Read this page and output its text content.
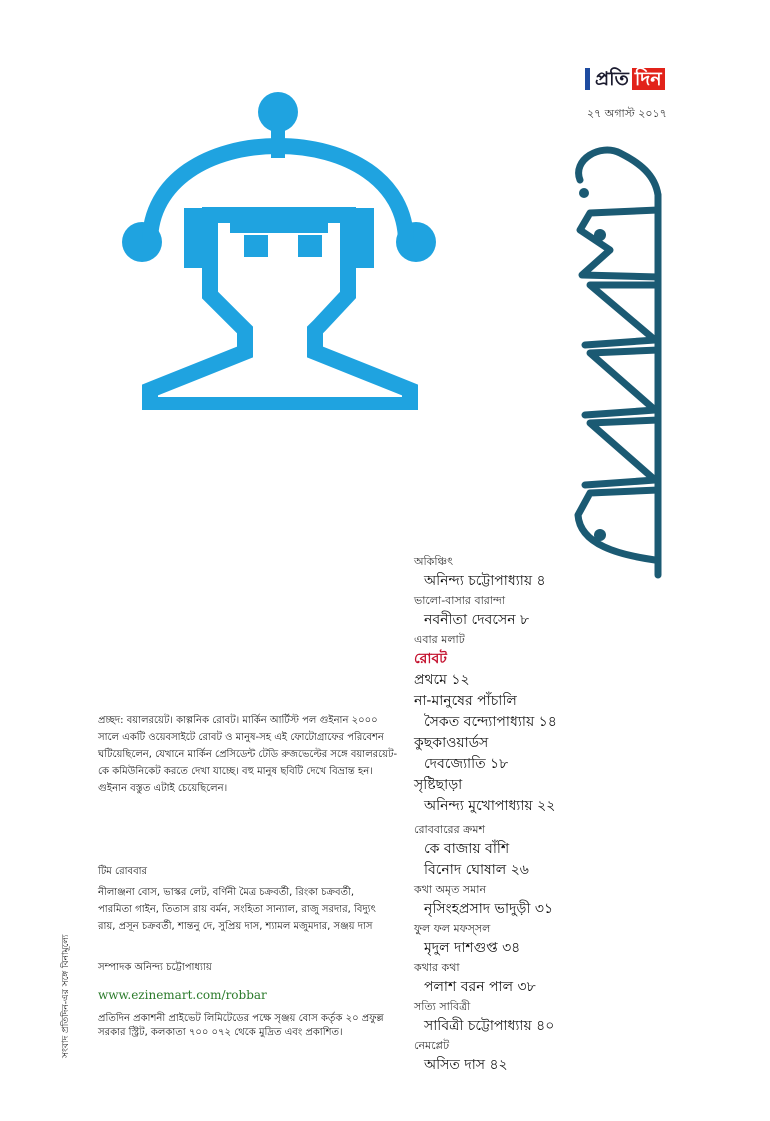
প্রতি দিন
২৭ অগাস্ট ২০১৭
অকিঞ্চিৎ
অনিন্দ্য চট্টোপাধ্যায় ৪
ভালো-বাসার বারান্দা
নবনীতা দেবসেন ৮
এবার মলাট
রোবট
প্রথমে ১২
না-মানুষের পাঁচালি
সৈকত বন্দ্যোপাধ্যায় ১৪
কুছকাওয়ার্ডস
দেবজ্যোতি ১৮
সৃষ্টিছাড়া
অনিন্দ্য মুখোপাধ্যায় ২২
রোববারের ক্রমশ
কে বাজায় বাঁশি
বিনোদ ঘোষাল ২৬
কথা অমৃত সমান
নৃসিংহপ্রসাদ ভাদুড়ী ৩১
ফুল ফল মফস্সল
মৃদুল দাশগুপ্ত ৩৪
কথার কথা
পলাশ বরন পাল ৩৮
সত্যি সাবিত্রী
সাবিত্রী চট্টোপাধ্যায় ৪০
নেমপ্লেট
অসিত দাস ৪২
প্রচ্ছদ: বয়ালরয়েট। কাল্পনিক রোবট। মার্কিন আর্টিস্ট পল গুইনান ২০০০ সালে একটি ওয়েবসাইটে রোবট ও মানুষ-সহ এই ফোটোগ্রাফের পরিবেশন ঘটিয়েছিলেন, যেখানে মার্কিন প্রেসিডেন্ট টেডি রুজভেল্টের সঙ্গে বয়ালরয়েট-কে কমিউনিকেট করতে দেখা যাচ্ছে। বহু মানুষ ছবিটি দেখে বিভ্রান্ত হন। গুইনান বস্তুত এটাই চেয়েছিলেন।
টিম রোববার
নীলাঞ্জনা বোস, ভাস্কর লেট, বর্ণিনী মৈত্র চক্রবর্তী, রিংকা চক্রবর্তী, পারমিতা গাইন, তিতাস রায় বর্মন, সংহিতা সান্যাল, রাজু সরদার, বিদ্যুৎ রায়, প্রসূন চক্রবর্তী, শান্তনু দে, সুপ্রিয় দাস, শ্যামল মজুমদার, সঞ্জয় দাস
সম্পাদক অনিন্দ্য চট্টোপাধ্যায়
www.ezinemart.com/robbar
প্রতিদিন প্রকাশনী প্রাইভেট লিমিটেডের পক্ষে সৃঞ্জয় বোস কর্তৃক ২০ প্রফুল্ল সরকার স্ট্রিট, কলকাতা ৭০০ ০৭২ থেকে মুদ্রিত এবং প্রকাশিত।
সংবাদ প্রতিদিন-এর সঙ্গে বিনামূল্যে
